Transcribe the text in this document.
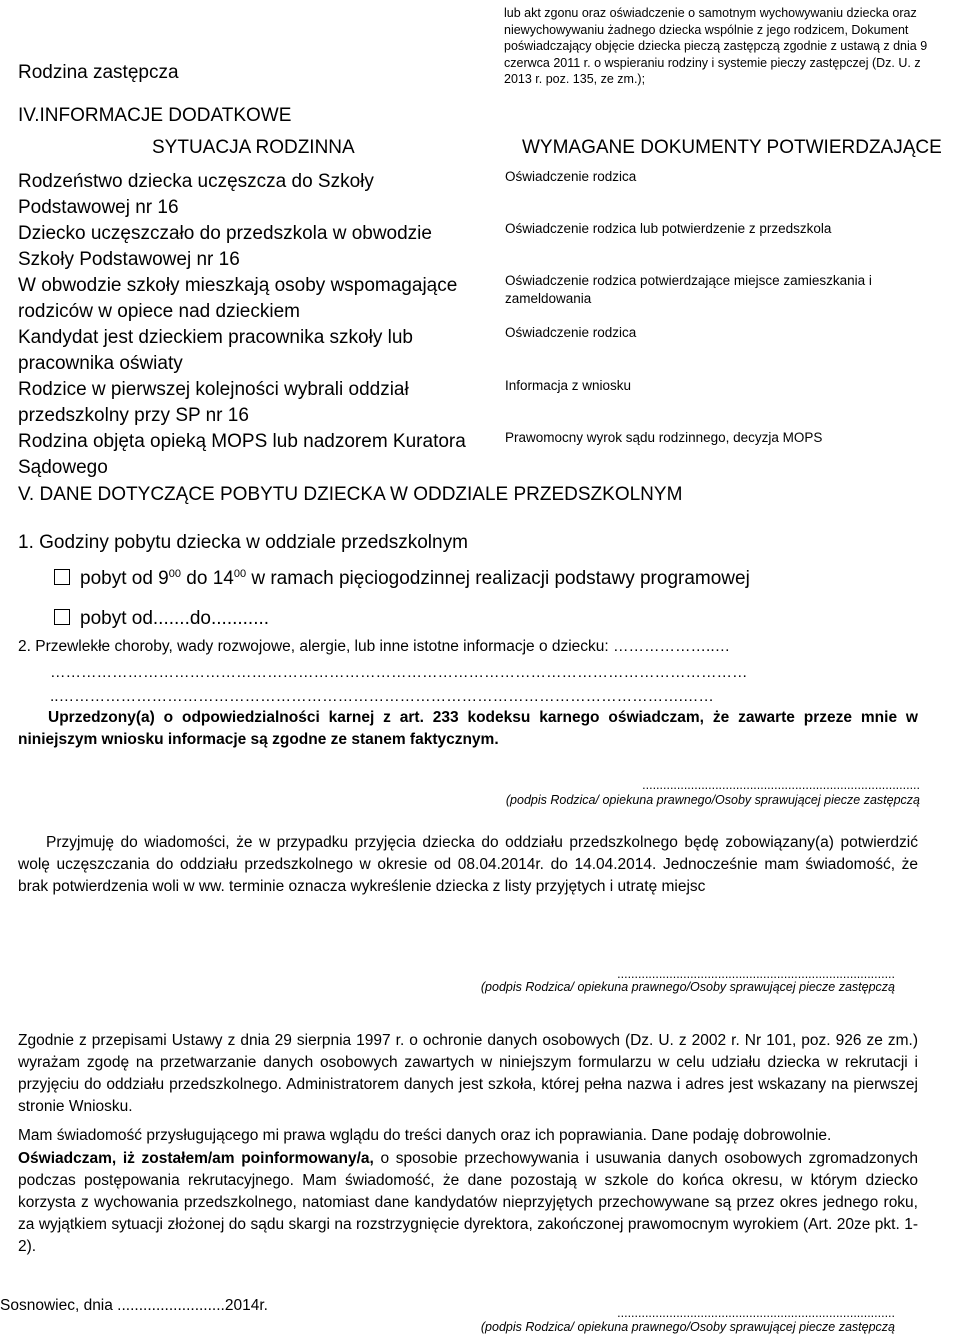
Rodzina zastępcza
lub akt zgonu oraz oświadczenie o samotnym wychowywaniu dziecka oraz niewychowywaniu żadnego dziecka wspólnie z jego rodzicem, Dokument poświadczający objęcie dziecka pieczą zastępczą zgodnie z ustawą z dnia 9 czerwca 2011 r. o wspieraniu rodziny i systemie pieczy zastępczej (Dz. U. z 2013 r. poz. 135, ze zm.);
IV.INFORMACJE DODATKOWE
SYTUACJA RODZINNA	WYMAGANE DOKUMENTY POTWIERDZAJĄCE
Rodzeństwo dziecka uczęszcza do Szkoły Podstawowej nr 16
Oświadczenie rodzica
Dziecko uczęszczało do przedszkola w obwodzie Szkoły Podstawowej nr 16
Oświadczenie rodzica lub potwierdzenie z przedszkola
W obwodzie szkoły mieszkają osoby wspomagające rodziców w opiece nad dzieckiem
Oświadczenie rodzica potwierdzające miejsce zamieszkania i zameldowania
Kandydat jest dzieckiem pracownika szkoły lub pracownika oświaty
Oświadczenie rodzica
Rodzice w pierwszej kolejności wybrali oddział przedszkolny przy SP nr 16
Informacja z wniosku
Rodzina objęta opieką MOPS lub nadzorem Kuratora Sądowego
Prawomocny wyrok sądu rodzinnego, decyzja MOPS
V. DANE DOTYCZĄCE POBYTU DZIECKA W ODDZIALE PRZEDSZKOLNYM
1. Godziny pobytu dziecka w oddziale przedszkolnym
pobyt od $9^{00}$ do $14^{00}$ w ramach pięciogodzinnej realizacji podstawy programowej
pobyt od.......do...........
2. Przewlekłe choroby, wady rozwojowe, alergie, lub inne istotne informacje o dziecku: ………………..…
………………………………………………………………………………………………………………………
..………………………………………………………………………………………………………….……
Uprzedzony(a) o odpowiedzialności karnej z art. 233 kodeksu karnego oświadczam, że zawarte przeze mnie w niniejszym wniosku informacje są zgodne ze stanem faktycznym.
................................................................................
(podpis Rodzica/ opiekuna prawnego/Osoby sprawującej piecze zastępczą
Przyjmuję do wiadomości, że w przypadku przyjęcia dziecka do oddziału przedszkolnego będę zobowiązany(a) potwierdzić wolę uczęszczania do oddziału przedszkolnego w okresie od 08.04.2014r. do 14.04.2014. Jednocześnie mam świadomość, że brak potwierdzenia woli w ww. terminie oznacza wykreślenie dziecka z listy przyjętych i utratę miejsc
................................................................................
(podpis Rodzica/ opiekuna prawnego/Osoby sprawującej piecze zastępczą
Zgodnie z przepisami Ustawy z dnia 29 sierpnia 1997 r. o ochronie danych osobowych (Dz. U. z 2002 r. Nr 101, poz. 926 ze zm.) wyrażam zgodę na przetwarzanie danych osobowych zawartych w niniejszym formularzu w celu udziału dziecka w rekrutacji i przyjęciu do oddziału przedszkolnego. Administratorem danych jest szkoła, której pełna nazwa i adres jest wskazany na pierwszej stronie Wniosku.
Mam świadomość przysługującego mi prawa wglądu do treści danych oraz ich poprawiania. Dane podaję dobrowolnie.
Oświadczam, iż zostałem/am poinformowany/a, o sposobie przechowywania i usuwania danych osobowych zgromadzonych podczas postępowania rekrutacyjnego. Mam świadomość, że dane pozostają w szkole do końca okresu, w którym dziecko korzysta z wychowania przedszkolnego, natomiast dane kandydatów nieprzyjętych przechowywane są przez okres jednego roku, za wyjątkiem sytuacji złożonej do sądu skargi na rozstrzygnięcie dyrektora, zakończonej prawomocnym wyrokiem (Art. 20ze pkt. 1-2).
Sosnowiec, dnia .........................2014r.	................................................................................
(podpis Rodzica/ opiekuna prawnego/Osoby sprawującej piecze zastępczą
